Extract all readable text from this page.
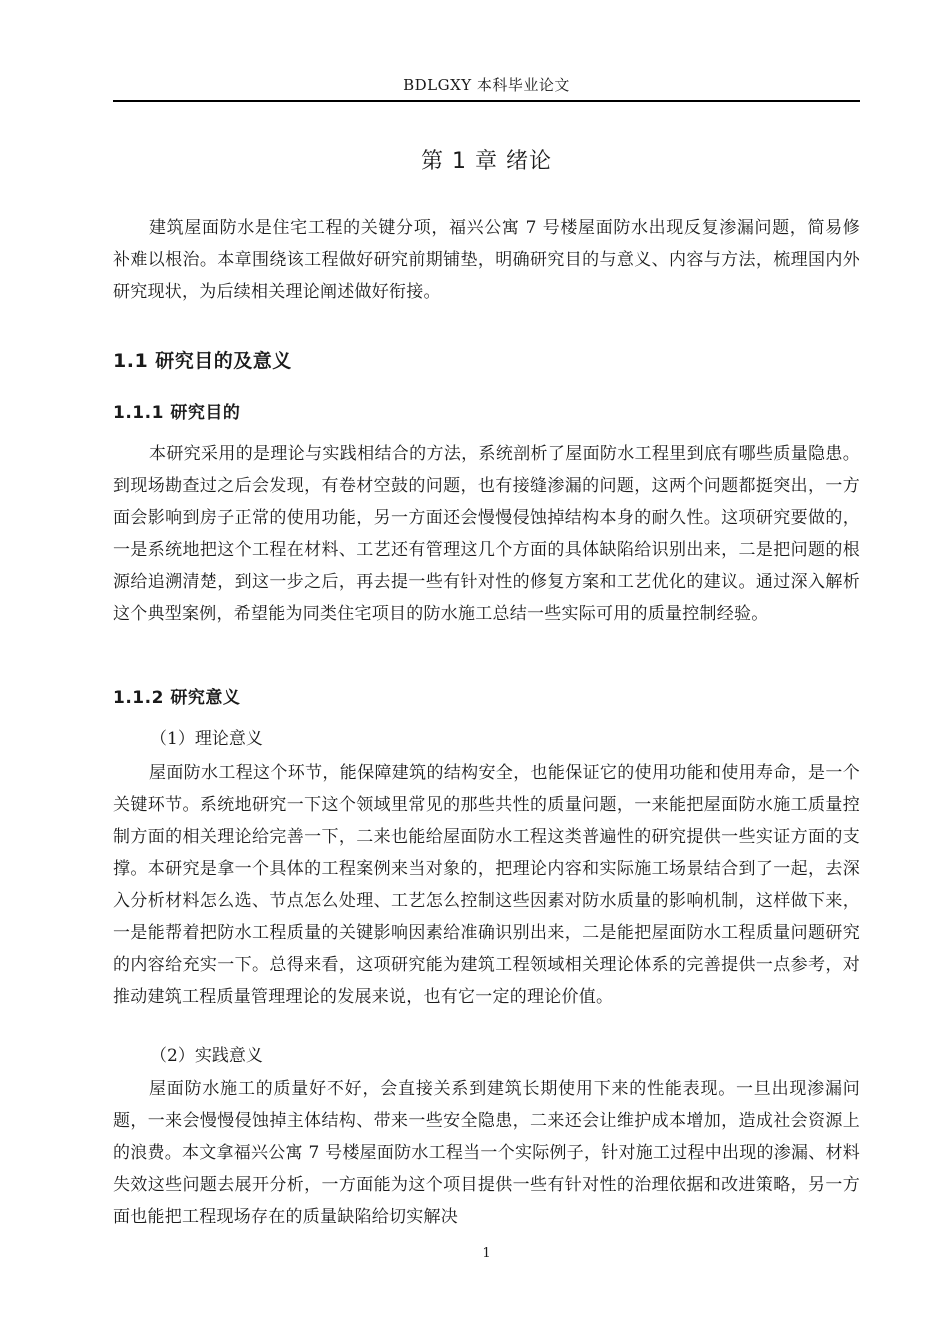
BDLGXY 本科毕业论文
第 1 章 绪论

建筑屋面防水是住宅工程的关键分项，福兴公寓 7 号楼屋面防水出现反复渗漏问题，简易修补难以根治。本章围绕该工程做好研究前期铺垫，明确研究目的与意义、内容与方法，梳理国内外研究现状，为后续相关理论阐述做好衔接。

1.1 研究目的及意义
1.1.1 研究目的

本研究采用的是理论与实践相结合的方法，系统剖析了屋面防水工程里到底有哪些质量隐患。到现场勘查过之后会发现，有卷材空鼓的问题，也有接缝渗漏的问题，这两个问题都挺突出，一方面会影响到房子正常的使用功能，另一方面还会慢慢侵蚀掉结构本身的耐久性。这项研究要做的，一是系统地把这个工程在材料、工艺还有管理这几个方面的具体缺陷给识别出来，二是把问题的根源给追溯清楚，到这一步之后，再去提一些有针对性的修复方案和工艺优化的建议。通过深入解析这个典型案例，希望能为同类住宅项目的防水施工总结一些实际可用的质量控制经验。

1.1.2 研究意义

（1）理论意义

屋面防水工程这个环节，能保障建筑的结构安全，也能保证它的使用功能和使用寿命，是一个关键环节。系统地研究一下这个领域里常见的那些共性的质量问题，一来能把屋面防水施工质量控制方面的相关理论给完善一下，二来也能给屋面防水工程这类普遍性的研究提供一些实证方面的支撑。本研究是拿一个具体的工程案例来当对象的，把理论内容和实际施工场景结合到了一起，去深入分析材料怎么选、节点怎么处理、工艺怎么控制这些因素对防水质量的影响机制，这样做下来，一是能帮着把防水工程质量的关键影响因素给准确识别出来，二是能把屋面防水工程质量问题研究的内容给充实一下。总得来看，这项研究能为建筑工程领域相关理论体系的完善提供一点参考，对推动建筑工程质量管理理论的发展来说，也有它一定的理论价值。

（2）实践意义

屋面防水施工的质量好不好，会直接关系到建筑长期使用下来的性能表现。一旦出现渗漏问题，一来会慢慢侵蚀掉主体结构、带来一些安全隐患，二来还会让维护成本增加，造成社会资源上的浪费。本文拿福兴公寓 7 号楼屋面防水工程当一个实际例子，针对施工过程中出现的渗漏、材料失效这些问题去展开分析，一方面能为这个项目提供一些有针对性的治理依据和改进策略，另一方面也能把工程现场存在的质量缺陷给切实解决

1
